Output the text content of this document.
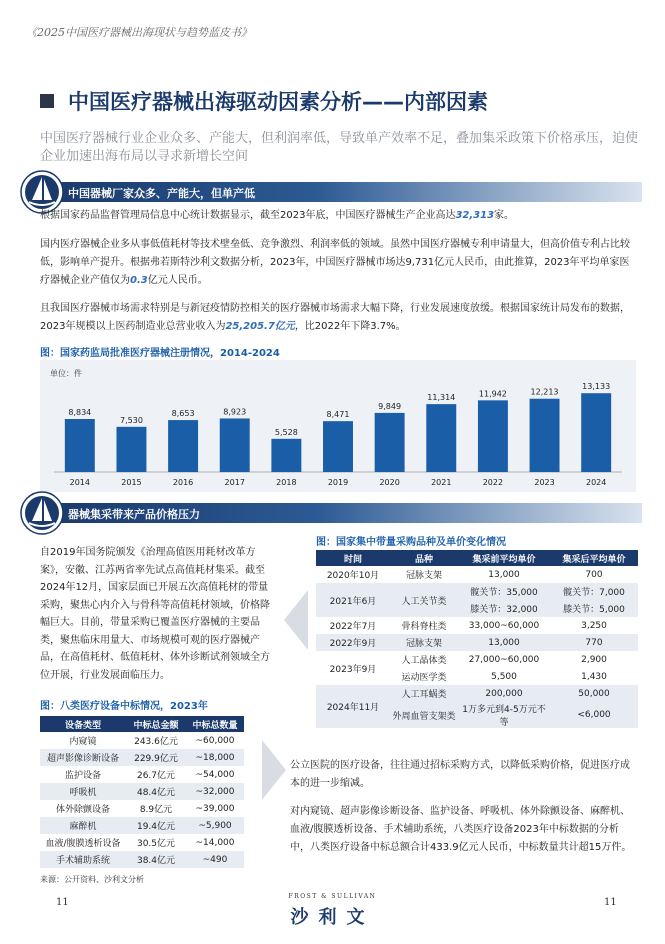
《2025中国医疗器械出海现状与趋势蓝皮书》
中国医疗器械出海驱动因素分析——内部因素
中国医疗器械行业企业众多、产能大，但利润率低，导致单产效率不足，叠加集采政策下价格承压，迫使企业加速出海布局以寻求新增长空间
中国器械厂家众多、产能大，但单产低
根据国家药品监督管理局信息中心统计数据显示，截至2023年底，中国医疗器械生产企业高达32,313家。
国内医疗器械企业多从事低值耗材等技术壁垒低、竞争激烈、利润率低的领域。虽然中国医疗器械专利申请量大，但高价值专利占比较低，影响单产提升。根据弗若斯特沙利文数据分析，2023年，中国医疗器械市场达9,731亿元人民币，由此推算，2023年平均单家医疗器械企业产值仅为0.3亿元人民币。
且我国医疗器械市场需求特别是与新冠疫情防控相关的医疗器械市场需求大幅下降，行业发展速度放缓。根据国家统计局发布的数据，2023年规模以上医药制造业总营业收入为25,205.7亿元，比2022年下降3.7%。
图：国家药监局批准医疗器械注册情况，2014-2024
单位：件
8,834
2014
7,530
2015
8,653
2016
8,923
2017
5,528
2018
8,471
2019
9,849
2020
11,314
2021
11,942
2022
12,213
2023
13,133
2024
器械集采带来产品价格压力
自2019年国务院颁发《治理高值医用耗材改革方案》，安徽、江苏两省率先试点高值耗材集采。截至2024年12月，国家层面已开展五次高值耗材的带量采购，聚焦心内介入与骨科等高值耗材领域，价格降幅巨大。目前，带量采购已覆盖医疗器械的主要品类，聚焦临床用量大、市场规模可观的医疗器械产品，在高值耗材、低值耗材、体外诊断试剂领域全方位开展，行业发展面临压力。
图：国家集中带量采购品种及单价变化情况
时间	品种	集采前平均单价	集采后平均单价
2020年10月	冠脉支架	13,000	700
2021年6月	人工关节类	髋关节：35,000	髋关节：7,000
		膝关节：32,000	膝关节：5,000
2022年7月	骨科脊柱类	33,000~60,000	3,250
2022年9月	冠脉支架	13,000	770
2023年9月	人工晶体类	27,000~60,000	2,900
	运动医学类	5,500	1,430
2024年11月	人工耳蜗类	200,000	50,000
	外周血管支架类	1万多元到4-5万元不等	<6,000
图：八类医疗设备中标情况，2023年
设备类型	中标总金额	中标总数量
内窥镜	243.6亿元	~60,000
超声影像诊断设备	229.9亿元	~18,000
监护设备	26.7亿元	~54,000
呼吸机	48.4亿元	~32,000
体外除颤设备	8.9亿元	~39,000
麻醉机	19.4亿元	~5,900
血液/腹膜透析设备	30.5亿元	~14,000
手术辅助系统	38.4亿元	~490
公立医院的医疗设备，往往通过招标采购方式，以降低采购价格，促进医疗成本的进一步缩减。
对内窥镜、超声影像诊断设备、监护设备、呼吸机、体外除颤设备、麻醉机、血液/腹膜透析设备、手术辅助系统，八类医疗设备2023年中标数据的分析中，八类医疗设备中标总额合计433.9亿元人民币，中标数量共计超15万件。
来源：公开资料、沙利文分析
11
FROST & SULLIVAN
沙利文
11
